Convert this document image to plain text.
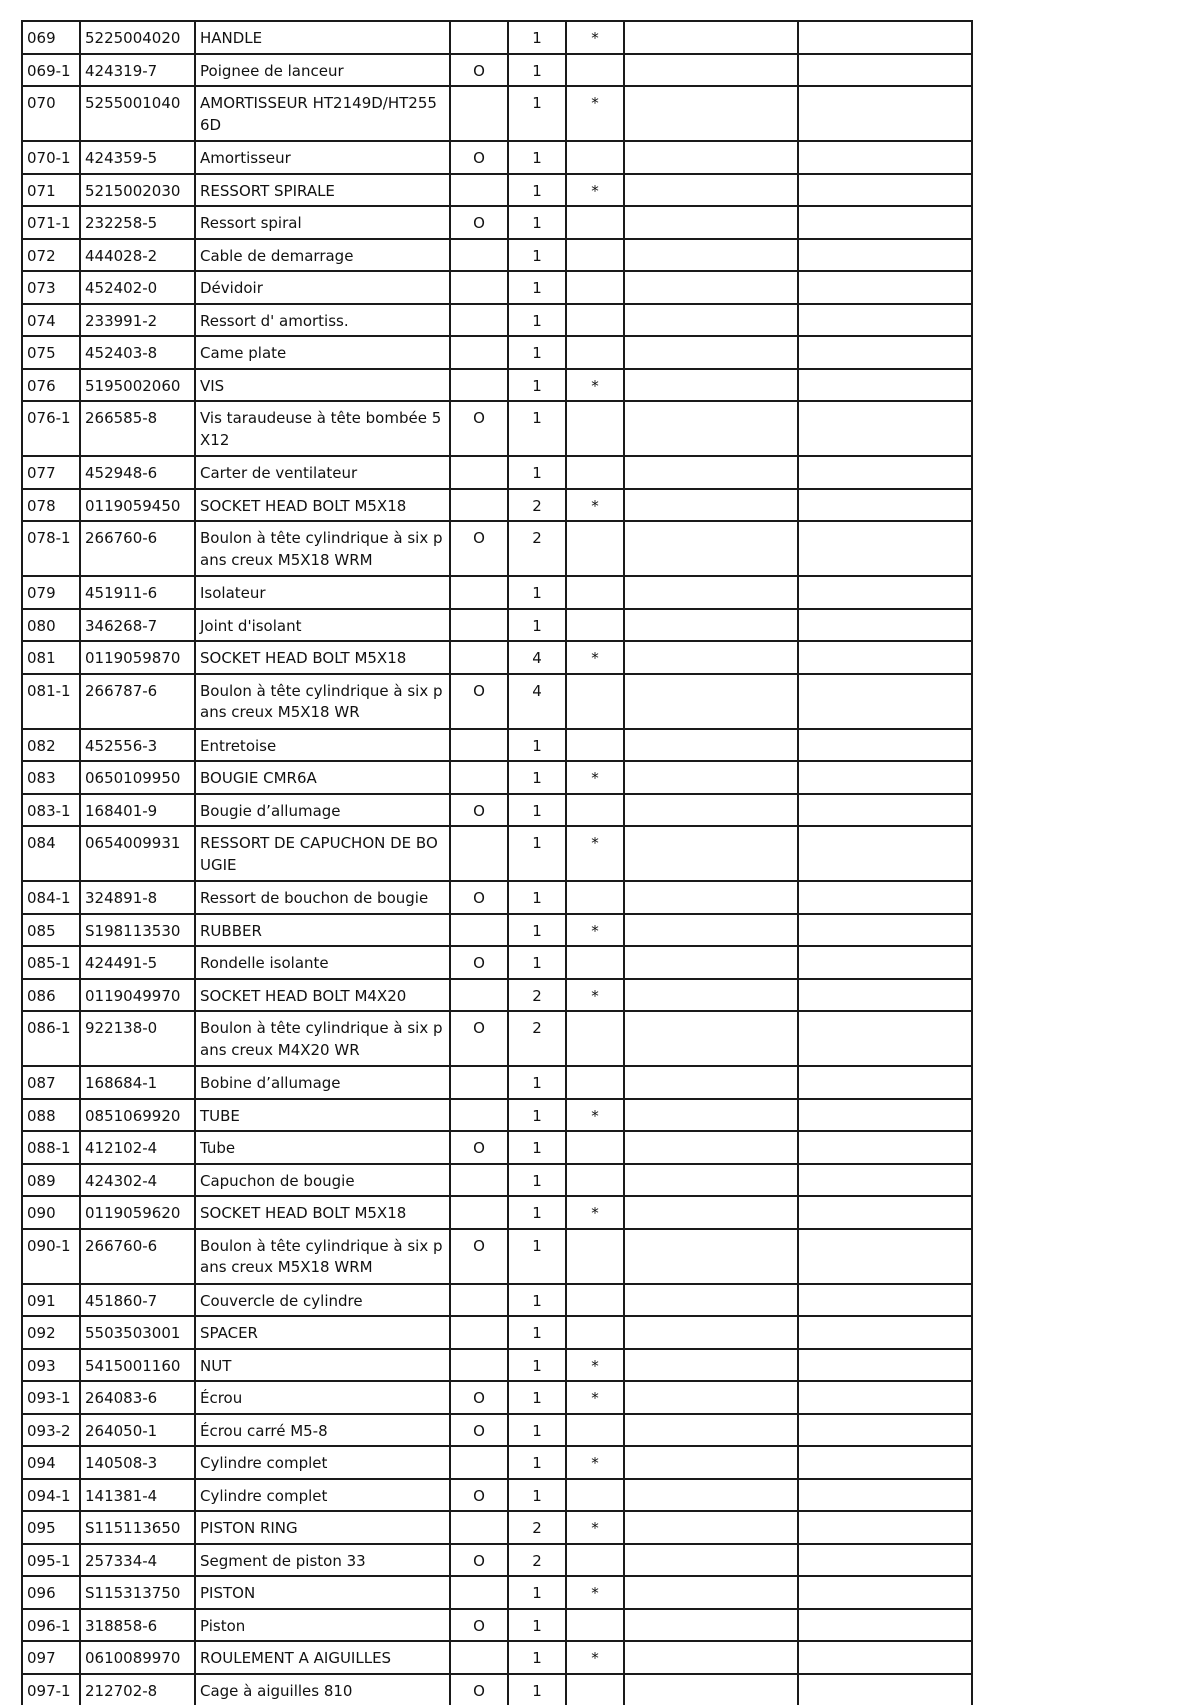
069	5225004020	HANDLE		1	*		
069-1	424319-7	Poignee de lanceur	O	1			
070	5255001040	AMORTISSEUR HT2149D/HT2556D		1	*		
070-1	424359-5	Amortisseur	O	1			
071	5215002030	RESSORT SPIRALE		1	*		
071-1	232258-5	Ressort spiral	O	1			
072	444028-2	Cable de demarrage		1			
073	452402-0	Dévidoir		1			
074	233991-2	Ressort d' amortiss.		1			
075	452403-8	Came plate		1			
076	5195002060	VIS		1	*		
076-1	266585-8	Vis taraudeuse à tête bombée 5X12	O	1			
077	452948-6	Carter de ventilateur		1			
078	0119059450	SOCKET HEAD BOLT M5X18		2	*		
078-1	266760-6	Boulon à tête cylindrique à six pans creux M5X18 WRM	O	2			
079	451911-6	Isolateur		1			
080	346268-7	Joint d'isolant		1			
081	0119059870	SOCKET HEAD BOLT M5X18		4	*		
081-1	266787-6	Boulon à tête cylindrique à six pans creux M5X18 WR	O	4			
082	452556-3	Entretoise		1			
083	0650109950	BOUGIE CMR6A		1	*		
083-1	168401-9	Bougie d’allumage	O	1			
084	0654009931	RESSORT DE CAPUCHON DE BOUGIE		1	*		
084-1	324891-8	Ressort de bouchon de bougie	O	1			
085	S198113530	RUBBER		1	*		
085-1	424491-5	Rondelle isolante	O	1			
086	0119049970	SOCKET HEAD BOLT M4X20		2	*		
086-1	922138-0	Boulon à tête cylindrique à six pans creux M4X20 WR	O	2			
087	168684-1	Bobine d’allumage		1			
088	0851069920	TUBE		1	*		
088-1	412102-4	Tube	O	1			
089	424302-4	Capuchon de bougie		1			
090	0119059620	SOCKET HEAD BOLT M5X18		1	*		
090-1	266760-6	Boulon à tête cylindrique à six pans creux M5X18 WRM	O	1			
091	451860-7	Couvercle de cylindre		1			
092	5503503001	SPACER		1			
093	5415001160	NUT		1	*		
093-1	264083-6	Écrou	O	1	*		
093-2	264050-1	Écrou carré M5-8	O	1			
094	140508-3	Cylindre complet		1	*		
094-1	141381-4	Cylindre complet	O	1			
095	S115113650	PISTON RING		2	*		
095-1	257334-4	Segment de piston 33	O	2			
096	S115313750	PISTON		1	*		
096-1	318858-6	Piston	O	1			
097	0610089970	ROULEMENT A AIGUILLES		1	*		
097-1	212702-8	Cage à aiguilles 810	O	1			
